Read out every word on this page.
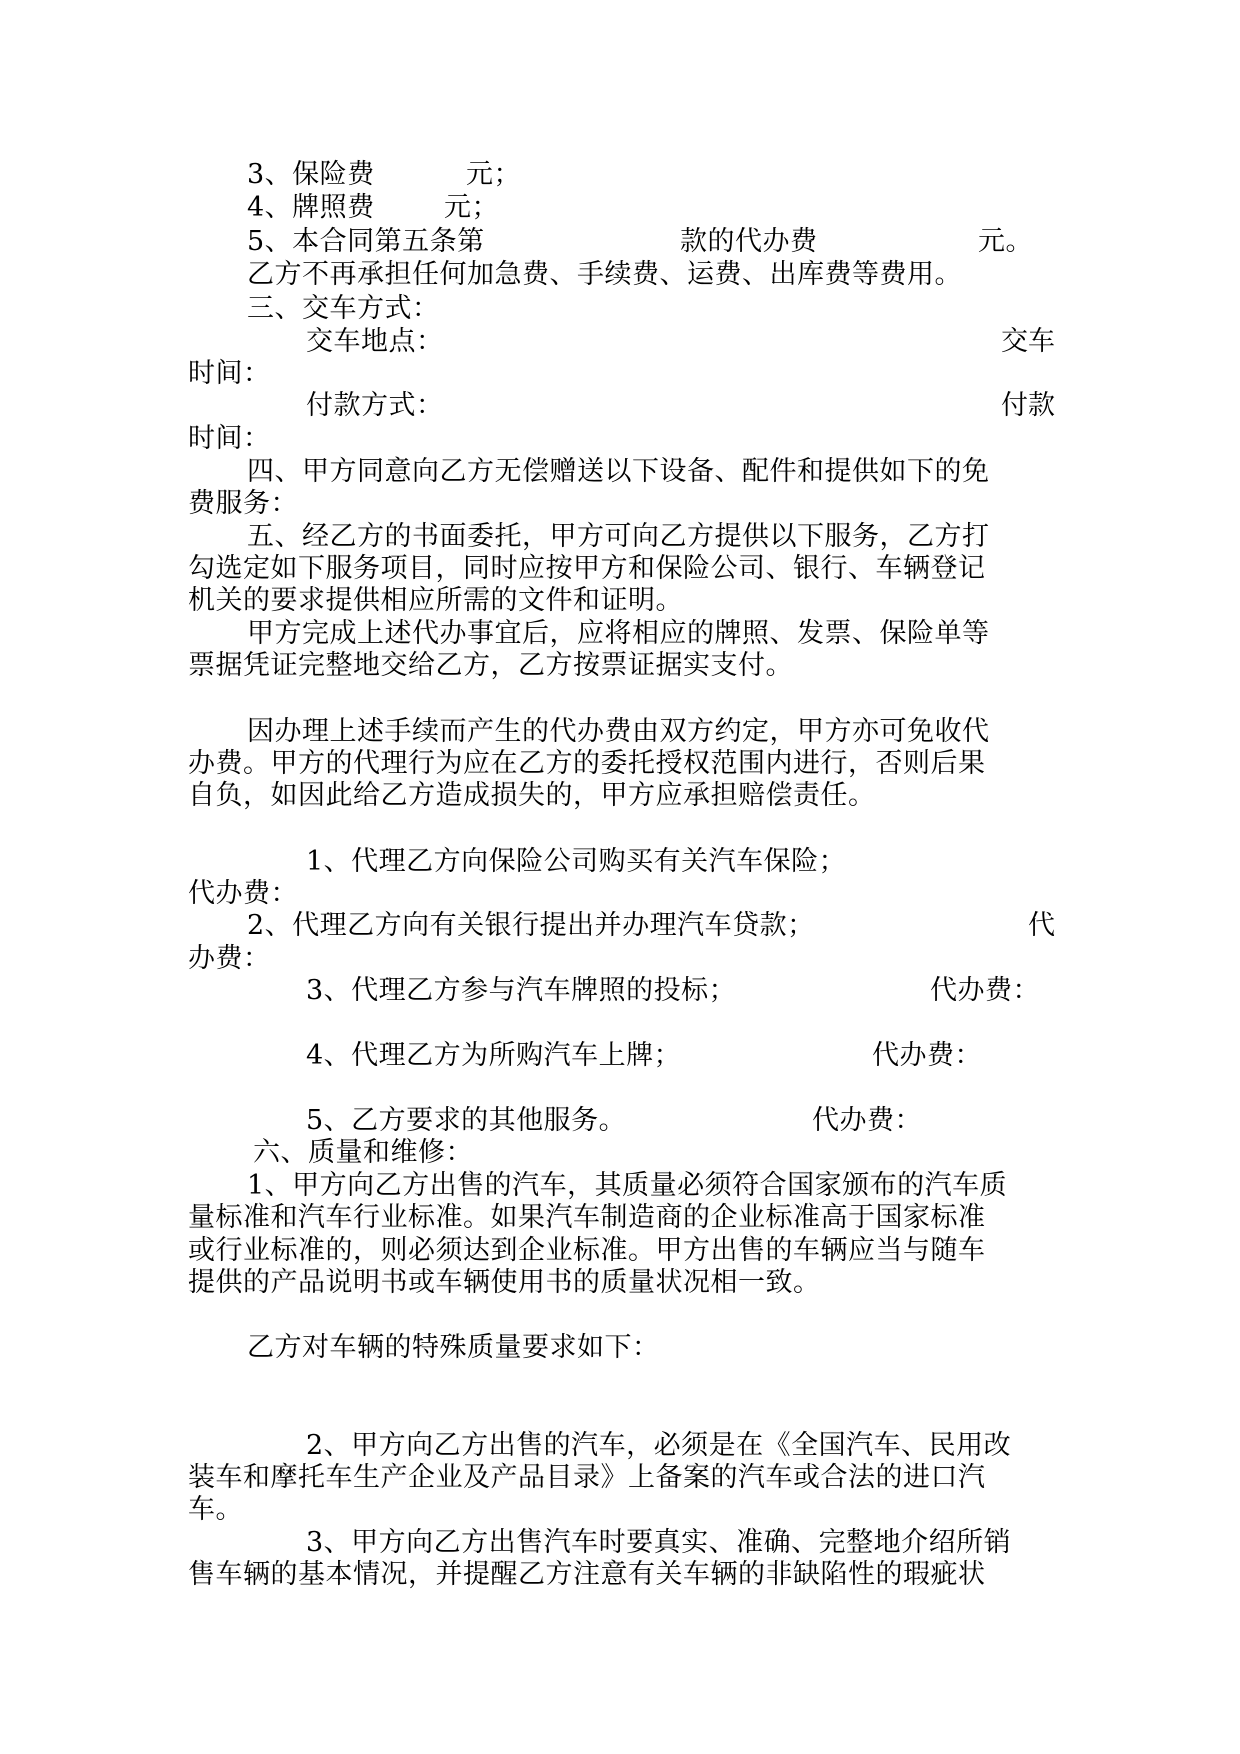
3、保险费	元；
4、牌照费	元；
5、本合同第五条第	款的代办费	元。
乙方不再承担任何加急费、手续费、运费、出库费等费用。
三、交车方式：
交车地点：	交车
时间：
付款方式：	付款
时间：
四、甲方同意向乙方无偿赠送以下设备、配件和提供如下的免
费服务：
五、经乙方的书面委托，甲方可向乙方提供以下服务，乙方打
勾选定如下服务项目，同时应按甲方和保险公司、银行、车辆登记
机关的要求提供相应所需的文件和证明。
甲方完成上述代办事宜后，应将相应的牌照、发票、保险单等
票据凭证完整地交给乙方，乙方按票证据实支付。
因办理上述手续而产生的代办费由双方约定，甲方亦可免收代
办费。甲方的代理行为应在乙方的委托授权范围内进行，否则后果
自负，如因此给乙方造成损失的，甲方应承担赔偿责任。
1、代理乙方向保险公司购买有关汽车保险；
代办费：
2、代理乙方向有关银行提出并办理汽车贷款；	代
办费：
3、代理乙方参与汽车牌照的投标；	代办费：
4、代理乙方为所购汽车上牌；	代办费：
5、乙方要求的其他服务。	代办费：
六、质量和维修：
1、甲方向乙方出售的汽车，其质量必须符合国家颁布的汽车质
量标准和汽车行业标准。如果汽车制造商的企业标准高于国家标准
或行业标准的，则必须达到企业标准。甲方出售的车辆应当与随车
提供的产品说明书或车辆使用书的质量状况相一致。
乙方对车辆的特殊质量要求如下：
2、甲方向乙方出售的汽车，必须是在《全国汽车、民用改
装车和摩托车生产企业及产品目录》上备案的汽车或合法的进口汽
车。
3、甲方向乙方出售汽车时要真实、准确、完整地介绍所销
售车辆的基本情况，并提醒乙方注意有关车辆的非缺陷性的瑕疵状
